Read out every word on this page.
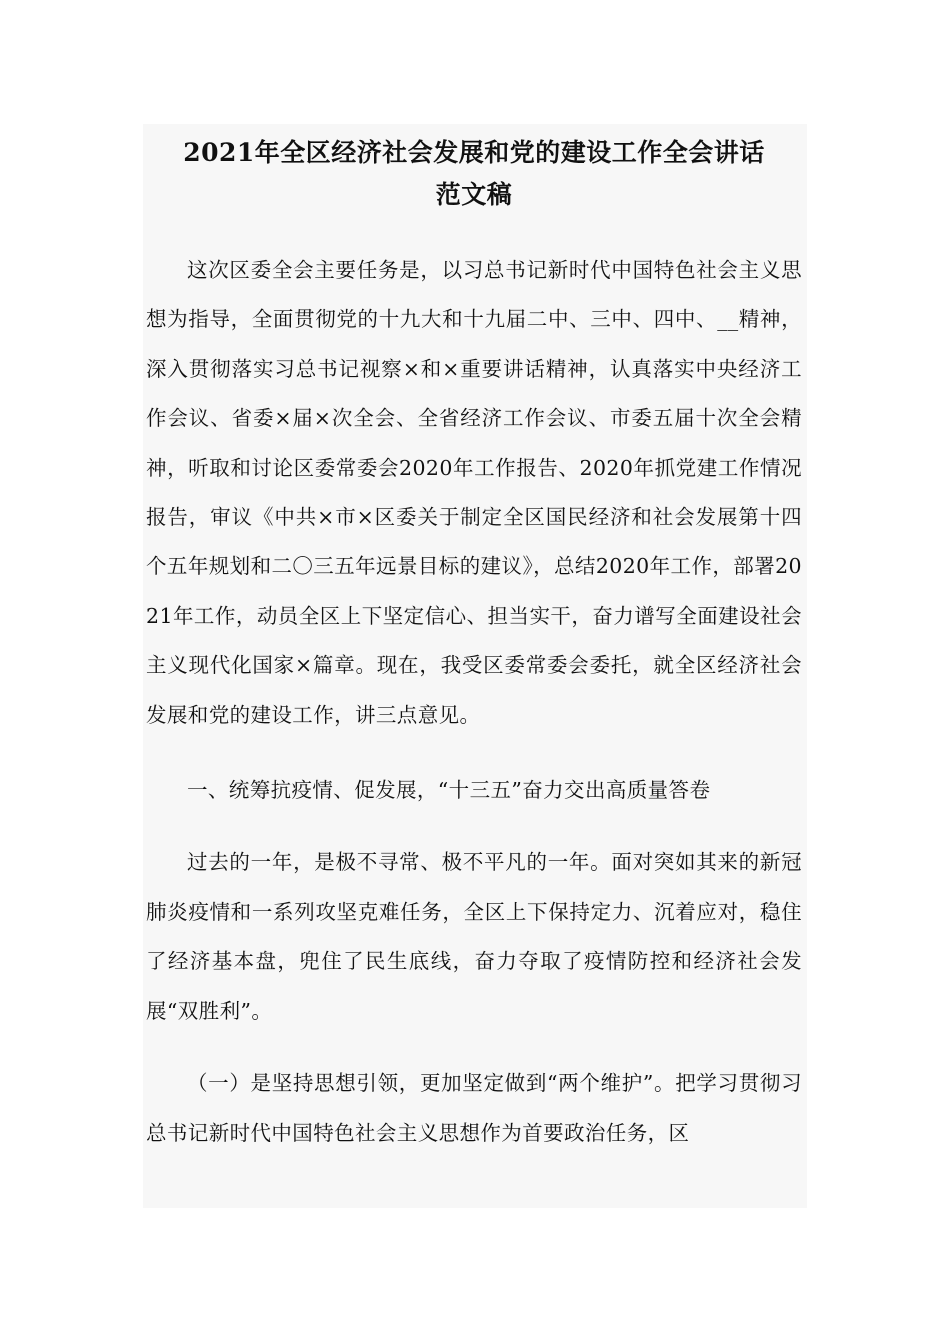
2021年全区经济社会发展和党的建设工作全会讲话
范文稿

这次区委全会主要任务是，以习总书记新时代中国特色社会主义思想为指导，全面贯彻党的十九大和十九届二中、三中、四中、__精神，深入贯彻落实习总书记视察×和×重要讲话精神，认真落实中央经济工作会议、省委×届×次全会、全省经济工作会议、市委五届十次全会精神，听取和讨论区委常委会2020年工作报告、2020年抓党建工作情况报告，审议《中共×市×区委关于制定全区国民经济和社会发展第十四个五年规划和二〇三五年远景目标的建议》，总结2020年工作，部署2021年工作，动员全区上下坚定信心、担当实干，奋力谱写全面建设社会主义现代化国家×篇章。现在，我受区委常委会委托，就全区经济社会发展和党的建设工作，讲三点意见。

一、统筹抗疫情、促发展，“十三五”奋力交出高质量答卷

过去的一年，是极不寻常、极不平凡的一年。面对突如其来的新冠肺炎疫情和一系列攻坚克难任务，全区上下保持定力、沉着应对，稳住了经济基本盘，兜住了民生底线，奋力夺取了疫情防控和经济社会发展“双胜利”。

（一）是坚持思想引领，更加坚定做到“两个维护”。把学习贯彻习总书记新时代中国特色社会主义思想作为首要政治任务，区
